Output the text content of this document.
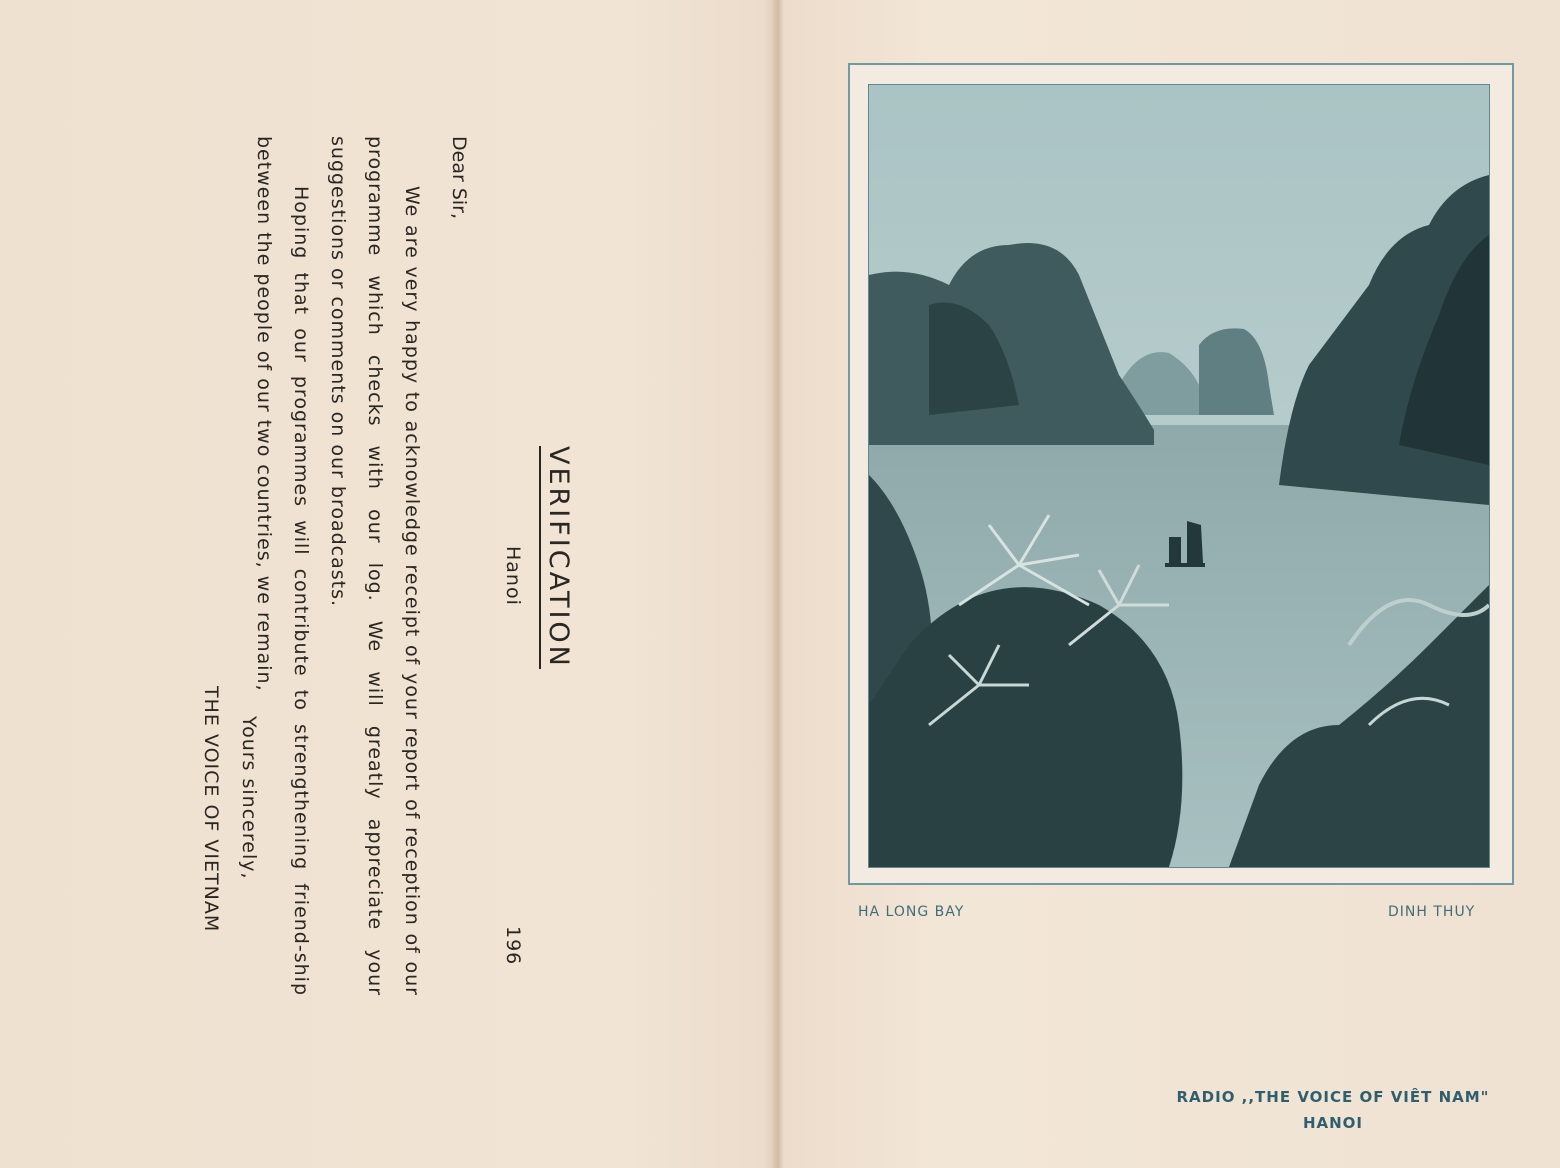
VERIFICATION
Hanoi
196
Dear Sir,

We are very happy to acknowledge receipt of your report of reception of our programme which checks with our log. We will greatly appreciate your suggestions or comments on our broadcasts.

Hoping that our programmes will contribute to strengthening friend-ship between the people of our two countries, we remain,

Yours sincerely,
THE VOICE OF VIETNAM	HA LONG BAY	DINH THUY
RADIO ,,THE VOICE OF VIÊT NAM"
HANOI
